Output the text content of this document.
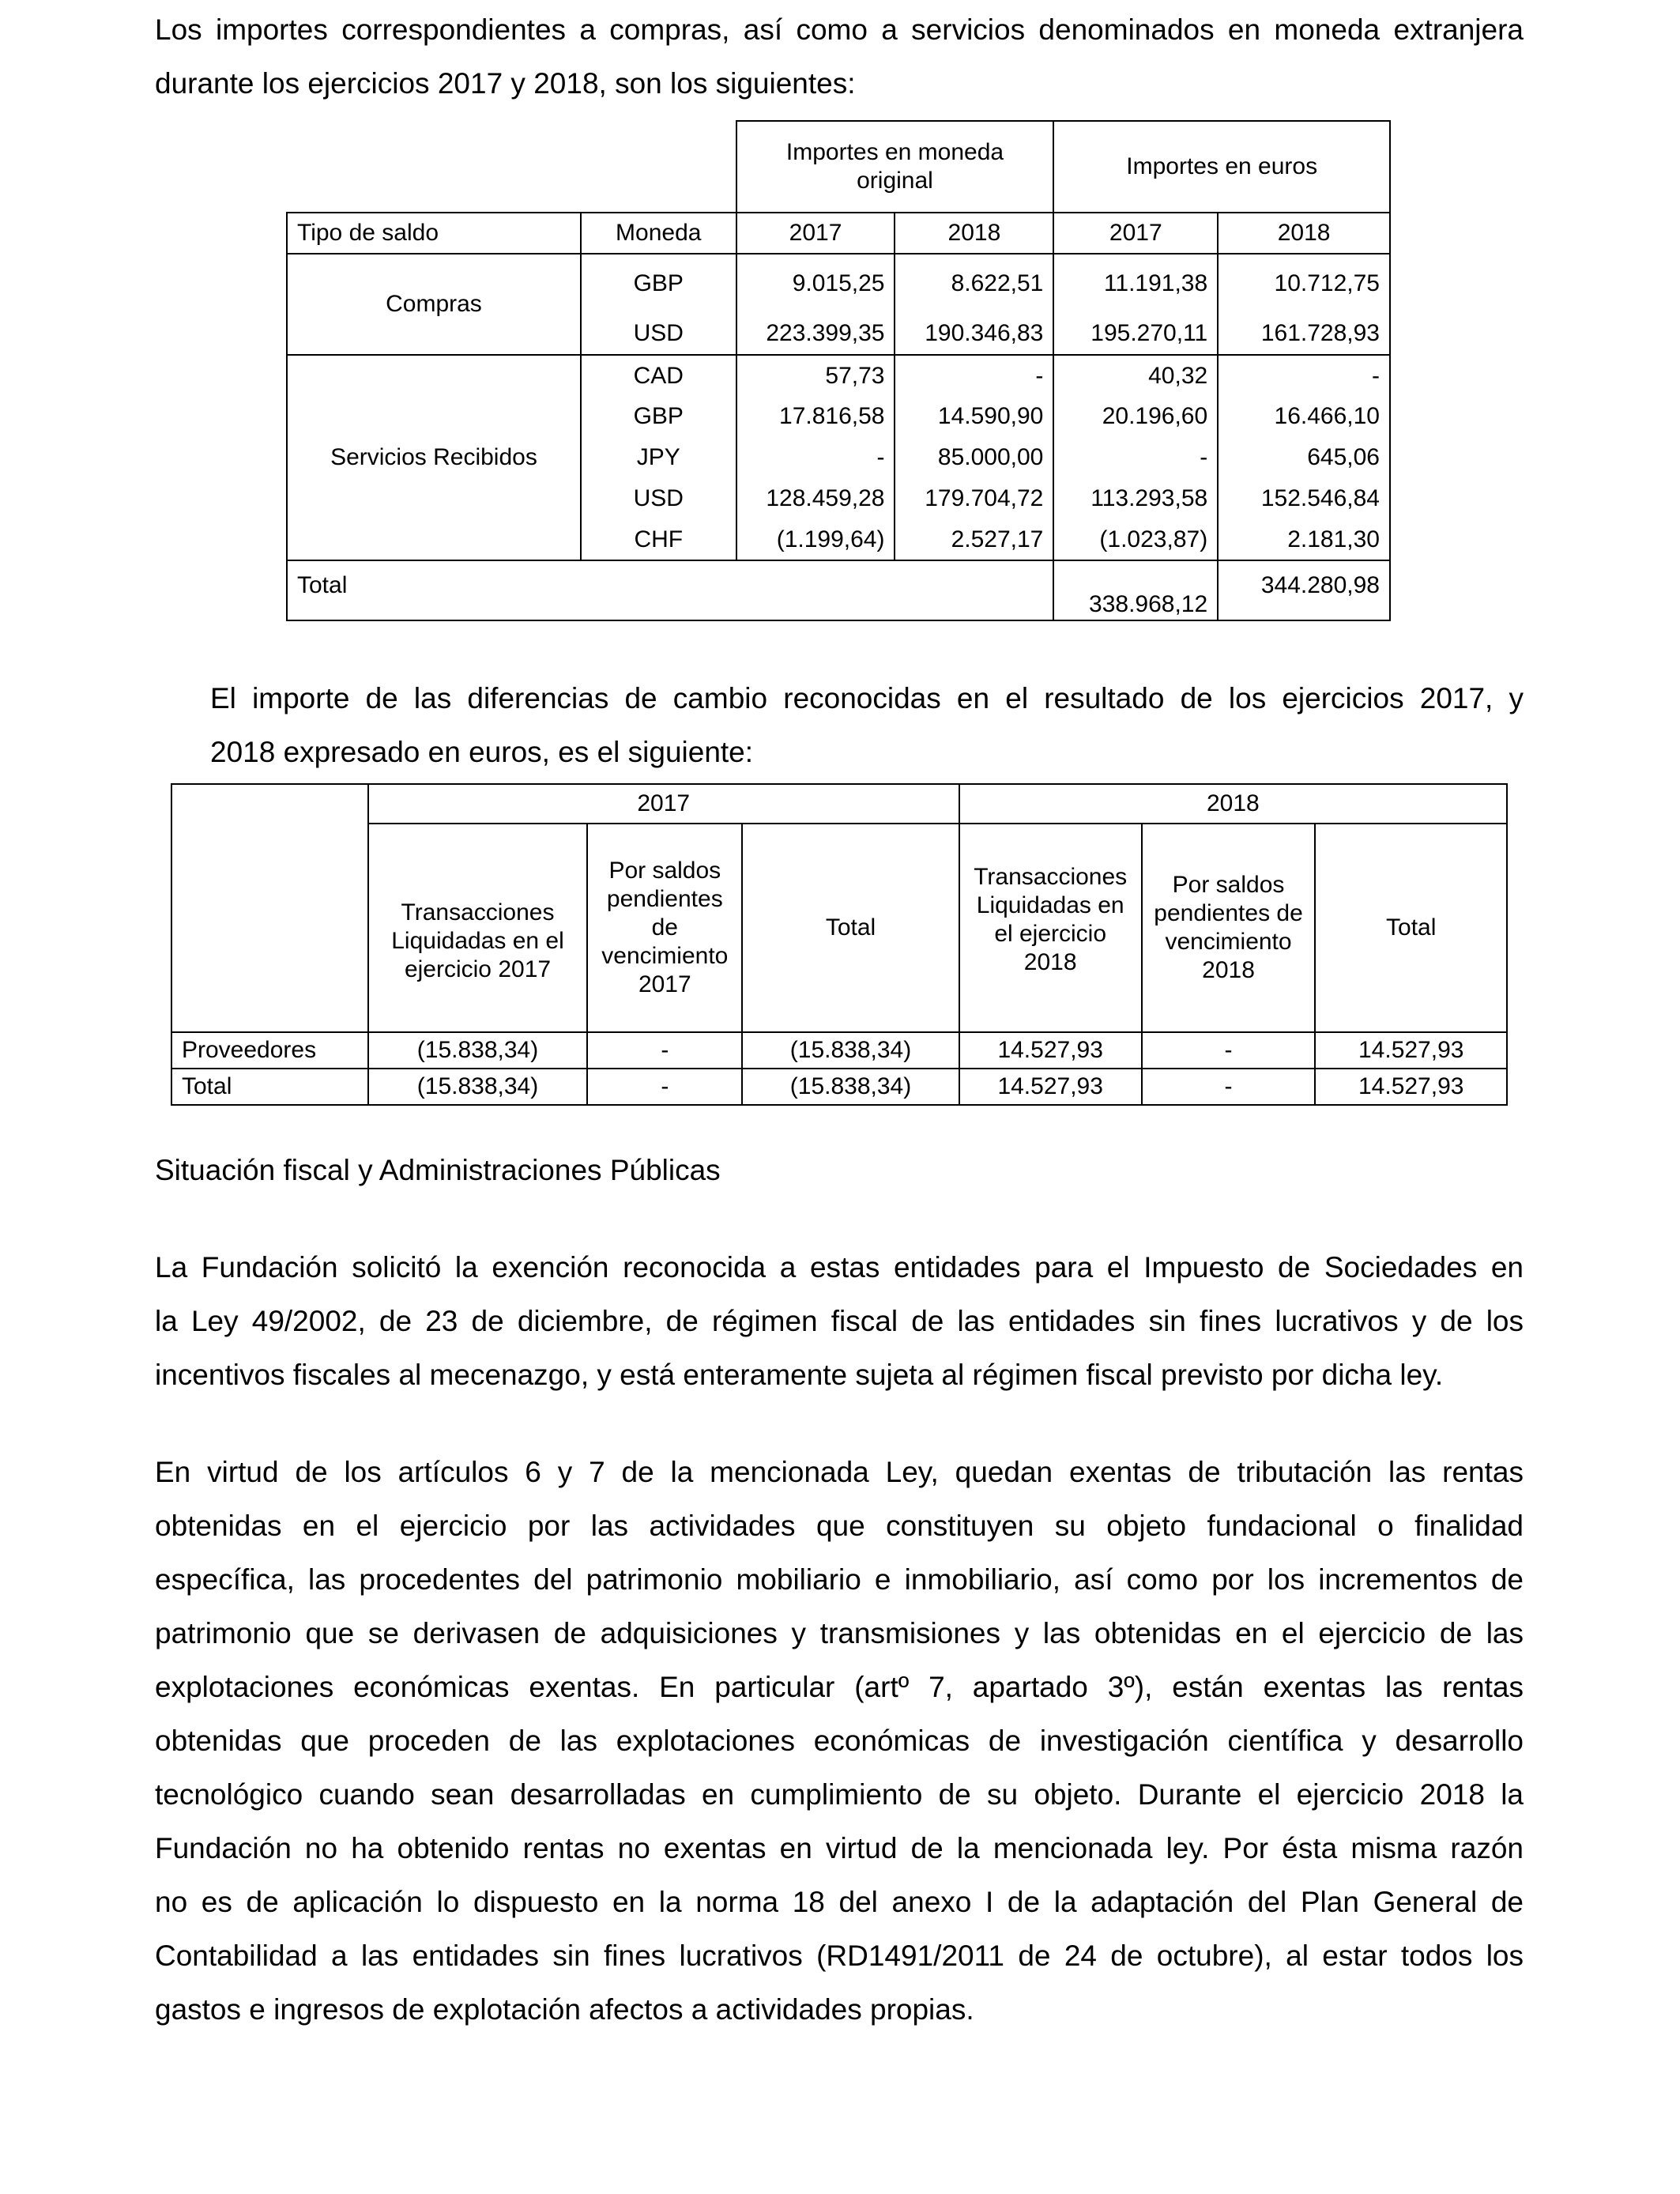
Los importes correspondientes a compras, así como a servicios denominados en moneda extranjera
durante los ejercicios 2017 y 2018, son los siguientes:

		Importes en moneda original		Importes en euros	
Tipo de saldo	Moneda	2017	2018	2017	2018
Compras	GBP	9.015,25	8.622,51	11.191,38	10.712,75
	USD	223.399,35	190.346,83	195.270,11	161.728,93
Servicios Recibidos	CAD	57,73	-	40,32	-
	GBP	17.816,58	14.590,90	20.196,60	16.466,10
	JPY	-	85.000,00	-	645,06
	USD	128.459,28	179.704,72	113.293,58	152.546,84
	CHF	(1.199,64)	2.527,17	(1.023,87)	2.181,30
Total				338.968,12	344.280,98

El importe de las diferencias de cambio reconocidas en el resultado de los ejercicios 2017, y
2018 expresado en euros, es el siguiente:

	2017			2018		
	Transacciones Liquidadas en el ejercicio 2017	Por saldos pendientes de vencimiento 2017	Total	Transacciones Liquidadas en el ejercicio 2018	Por saldos pendientes de vencimiento 2018	Total
Proveedores	(15.838,34)	-	(15.838,34)	14.527,93	-	14.527,93
Total	(15.838,34)	-	(15.838,34)	14.527,93	-	14.527,93

Situación fiscal y Administraciones Públicas

La Fundación solicitó la exención reconocida a estas entidades para el Impuesto de Sociedades en
la Ley 49/2002, de 23 de diciembre, de régimen fiscal de las entidades sin fines lucrativos y de los
incentivos fiscales al mecenazgo, y está enteramente sujeta al régimen fiscal previsto por dicha ley.

En virtud de los artículos 6 y 7 de la mencionada Ley, quedan exentas de tributación las rentas
obtenidas en el ejercicio por las actividades que constituyen su objeto fundacional o finalidad
específica, las procedentes del patrimonio mobiliario e inmobiliario, así como por los incrementos de
patrimonio que se derivasen de adquisiciones y transmisiones y las obtenidas en el ejercicio de las
explotaciones económicas exentas. En particular (artº 7, apartado 3º), están exentas las rentas
obtenidas que proceden de las explotaciones económicas de investigación científica y desarrollo
tecnológico cuando sean desarrolladas en cumplimiento de su objeto. Durante el ejercicio 2018 la
Fundación no ha obtenido rentas no exentas en virtud de la mencionada ley. Por ésta misma razón
no es de aplicación lo dispuesto en la norma 18 del anexo I de la adaptación del Plan General de
Contabilidad a las entidades sin fines lucrativos (RD1491/2011 de 24 de octubre), al estar todos los
gastos e ingresos de explotación afectos a actividades propias.
